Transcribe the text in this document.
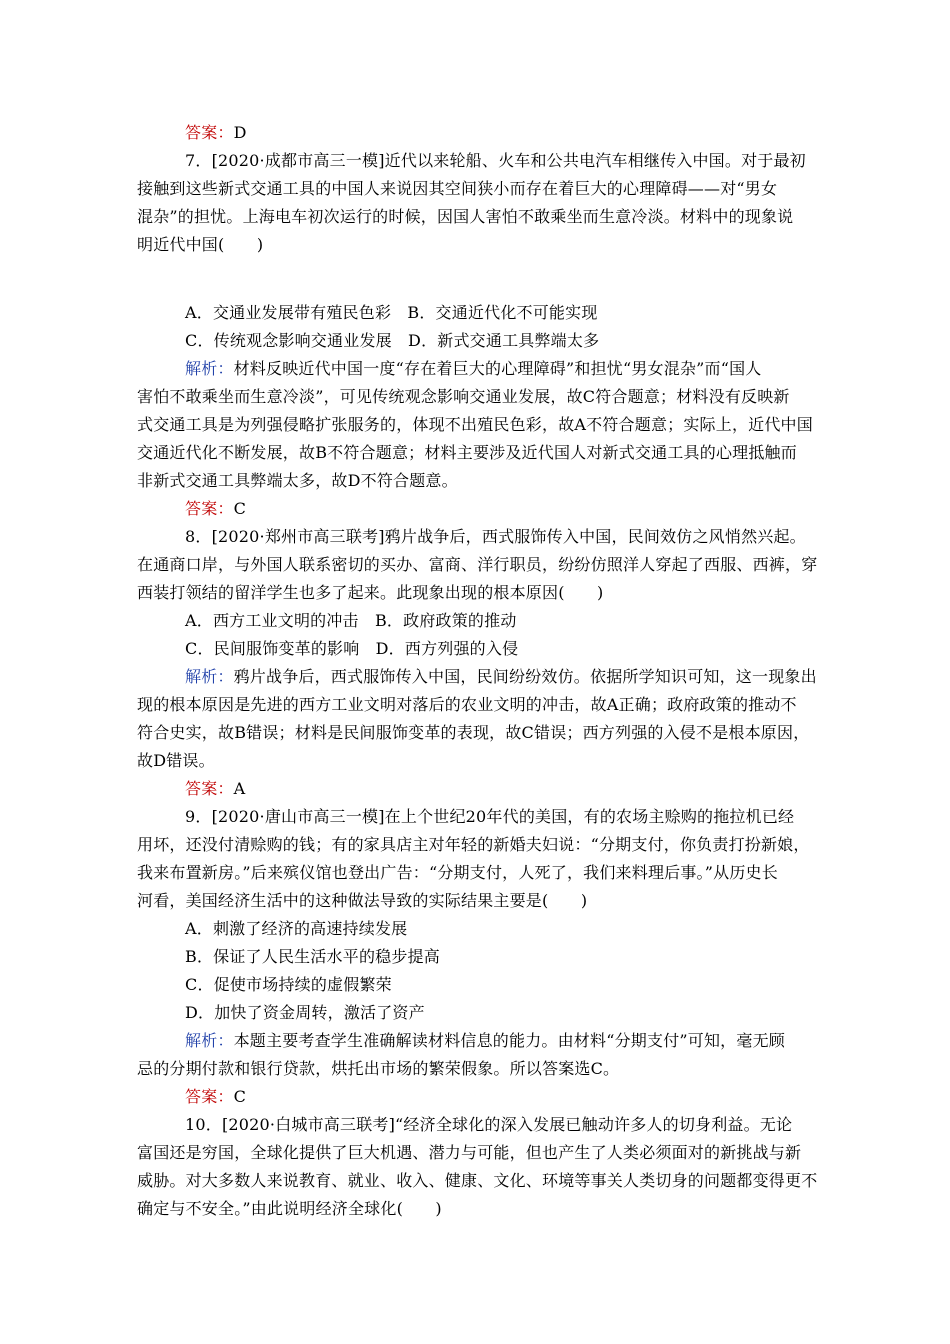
答案：D
7．[2020·成都市高三一模]近代以来轮船、火车和公共电汽车相继传入中国。对于最初
接触到这些新式交通工具的中国人来说因其空间狭小而存在着巨大的心理障碍——对“男女
混杂”的担忧。上海电车初次运行的时候，因国人害怕不敢乘坐而生意冷淡。材料中的现象说
明近代中国(　　)
A．交通业发展带有殖民色彩　B．交通近代化不可能实现
C．传统观念影响交通业发展　D．新式交通工具弊端太多
解析：材料反映近代中国一度“存在着巨大的心理障碍”和担忧“男女混杂”而“国人
害怕不敢乘坐而生意冷淡”，可见传统观念影响交通业发展，故C符合题意；材料没有反映新
式交通工具是为列强侵略扩张服务的，体现不出殖民色彩，故A不符合题意；实际上，近代中国
交通近代化不断发展，故B不符合题意；材料主要涉及近代国人对新式交通工具的心理抵触而
非新式交通工具弊端太多，故D不符合题意。
答案：C
8．[2020·郑州市高三联考]鸦片战争后，西式服饰传入中国，民间效仿之风悄然兴起。
在通商口岸，与外国人联系密切的买办、富商、洋行职员，纷纷仿照洋人穿起了西服、西裤，穿
西装打领结的留洋学生也多了起来。此现象出现的根本原因(　　)
A．西方工业文明的冲击　B．政府政策的推动
C．民间服饰变革的影响　D．西方列强的入侵
解析：鸦片战争后，西式服饰传入中国，民间纷纷效仿。依据所学知识可知，这一现象出
现的根本原因是先进的西方工业文明对落后的农业文明的冲击，故A正确；政府政策的推动不
符合史实，故B错误；材料是民间服饰变革的表现，故C错误；西方列强的入侵不是根本原因，
故D错误。
答案：A
9．[2020·唐山市高三一模]在上个世纪20年代的美国，有的农场主赊购的拖拉机已经
用坏，还没付清赊购的钱；有的家具店主对年轻的新婚夫妇说：“分期支付，你负责打扮新娘，
我来布置新房。”后来殡仪馆也登出广告：“分期支付，人死了，我们来料理后事。”从历史长
河看，美国经济生活中的这种做法导致的实际结果主要是(　　)
A．刺激了经济的高速持续发展
B．保证了人民生活水平的稳步提高
C．促使市场持续的虚假繁荣
D．加快了资金周转，激活了资产
解析：本题主要考查学生准确解读材料信息的能力。由材料“分期支付”可知，毫无顾
忌的分期付款和银行贷款，烘托出市场的繁荣假象。所以答案选C。
答案：C
10．[2020·白城市高三联考]“经济全球化的深入发展已触动许多人的切身利益。无论
富国还是穷国，全球化提供了巨大机遇、潜力与可能，但也产生了人类必须面对的新挑战与新
威胁。对大多数人来说教育、就业、收入、健康、文化、环境等事关人类切身的问题都变得更不
确定与不安全。”由此说明经济全球化(　　)
